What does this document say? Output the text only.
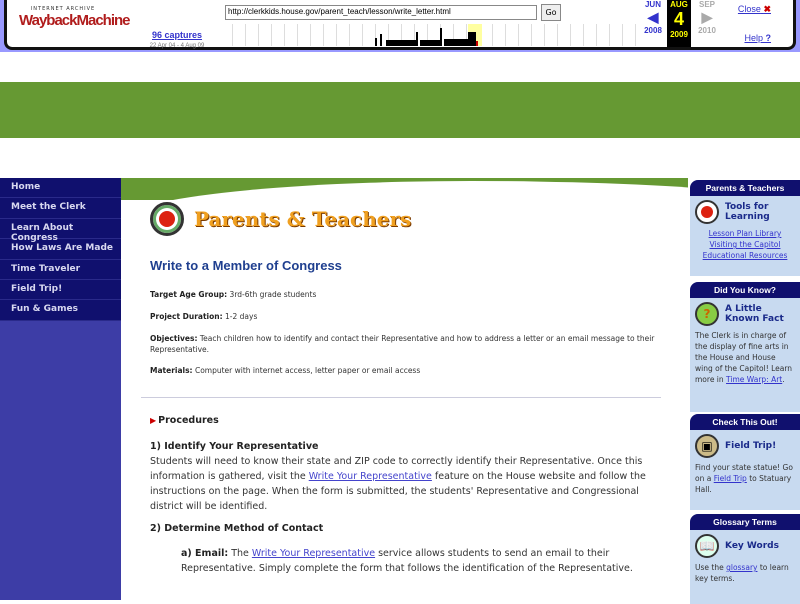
INTERNET ARCHIVE
WaybackMachine
http://clerkkids.house.gov/parent_teach/lesson/write_letter.html	Go
96 captures
22 Apr 04 - 4 Aug 09
JUN
◀
2008
AUG
4
2009
SEP
▶
2010
Close ✖
Help ?
Home
Meet the Clerk
Learn About Congress
How Laws Are Made
Time Traveler
Field Trip!
Fun & Games
Parents & Teachers
Write to a Member of Congress
Target Age Group: 3rd-6th grade students
Project Duration: 1-2 days
Objectives: Teach children how to identify and contact their Representative and how to address a letter or an email message to their Representative.
Materials: Computer with internet access, letter paper or email access
▶ Procedures
1) Identify Your Representative

Students will need to know their state and ZIP code to correctly identify their Representative. Once this information is gathered, visit the Write Your Representative feature on the House website and follow the instructions on the page. When the form is submitted, the students' Representative and Congressional district will be identified.

2) Determine Method of Contact

a) Email: The Write Your Representative service allows students to send an email to their Representative. Simply complete the form that follows the identification of the Representative.

Parents & Teachers
Tools for Learning
Lesson Plan Library
Visiting the Capitol
Educational Resources
Did You Know?
?	A Little Known Fact
The Clerk is in charge of the display of fine arts in the House and House wing of the Capitol! Learn more in Time Warp: Art.
Check This Out!
▣	Field Trip!
Find your state statue! Go on a Field Trip to Statuary Hall.
Glossary Terms
📖	Key Words
Use the glossary to learn key terms.
